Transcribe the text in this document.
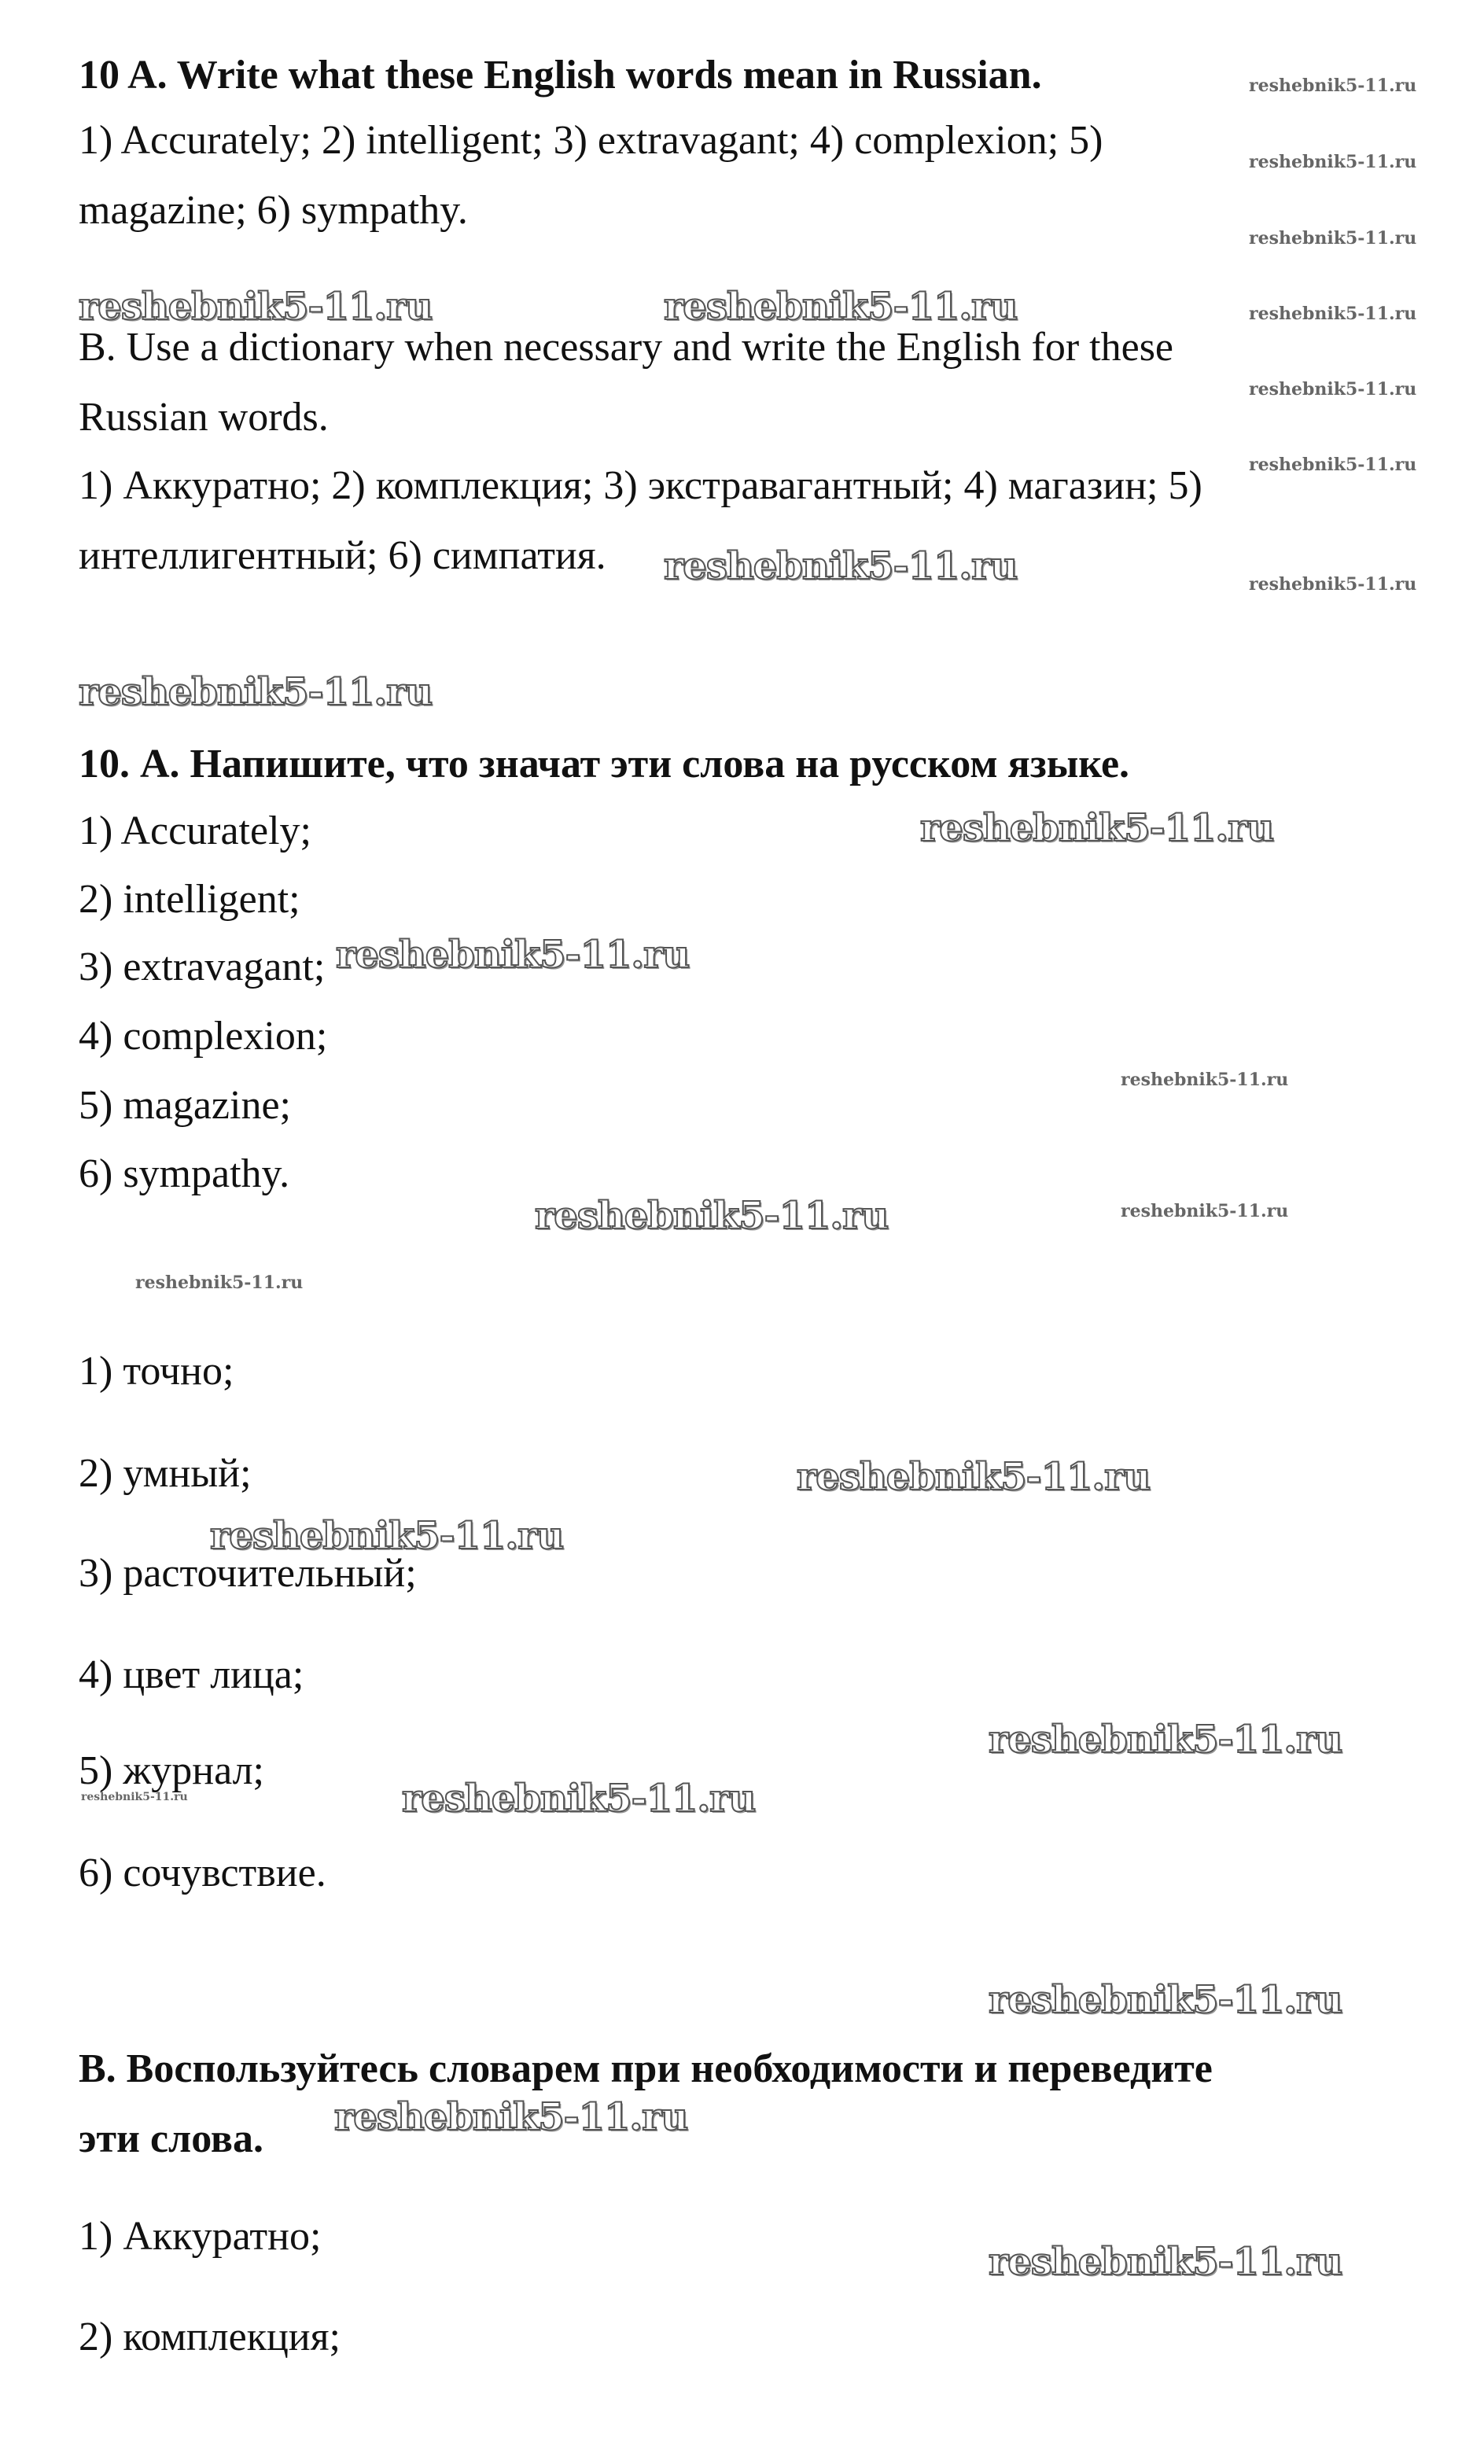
10 A. Write what these English words mean in Russian.

1) Accurately; 2) intelligent; 3) extravagant; 4) complexion; 5)

magazine; 6) sympathy.

B. Use a dictionary when necessary and write the English for these

Russian words.

1) Аккуратно; 2) комплекция; 3) экстравагантный; 4) магазин; 5)

интеллигентный; 6) симпатия.

10. А. Напишите, что значат эти слова на русском языке.

1) Accurately;

2) intelligent;

3) extravagant;

4) complexion;

5) magazine;

6) sympathy.

1) точно;

2) умный;

3) расточительный;

4) цвет лица;

5) журнал;

6) сочувствие.

В. Воспользуйтесь словарем при необходимости и переведите

эти слова.

1) Аккуратно;

2) комплекция;

reshebnik5-11.ru

reshebnik5-11.ru

reshebnik5-11.ru

reshebnik5-11.ru

reshebnik5-11.ru

reshebnik5-11.ru

reshebnik5-11.ru

reshebnik5-11.ru

reshebnik5-11.ru

reshebnik5-11.ru

reshebnik5-11.ru

reshebnik5-11.ru	reshebnik5-11.ru

reshebnik5-11.ru

reshebnik5-11.ru

reshebnik5-11.ru

reshebnik5-11.ru

reshebnik5-11.ru

reshebnik5-11.ru

reshebnik5-11.ru

reshebnik5-11.ru

reshebnik5-11.ru

reshebnik5-11.ru

reshebnik5-11.ru

reshebnik5-11.ru
